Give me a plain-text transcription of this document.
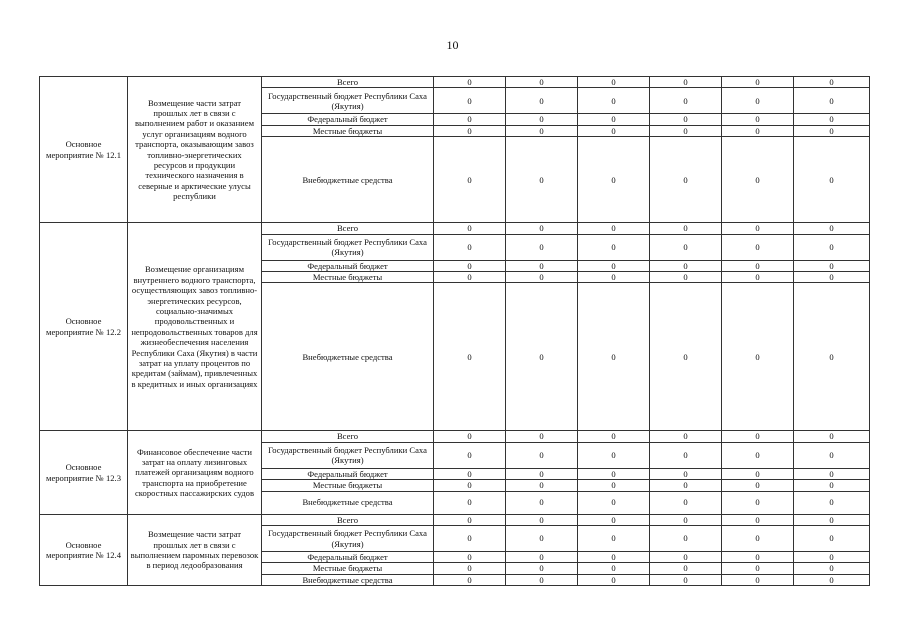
10
Основное мероприятие № 12.1	Возмещение части затрат прошлых лет в связи с выполнением работ и оказанием услуг организациям водного транспорта, оказывающим завоз топливно-энергетических ресурсов и продукции технического назначения в северные и арктические улусы республики	Всего	0	0	0	0	0	0
		Государственный бюджет Республики Саха (Якутия)	0	0	0	0	0	0
		Федеральный бюджет	0	0	0	0	0	0
		Местные бюджеты	0	0	0	0	0	0
		Внебюджетные средства	0	0	0	0	0	0
Основное мероприятие № 12.2	Возмещение организациям внутреннего водного транспорта, осуществляющих завоз топливно-энергетических ресурсов, социально-значимых продовольственных и непродовольственных товаров для жизнеобеспечения населения Республики Саха (Якутия) в части затрат на уплату процентов по кредитам (займам), привлеченных в кредитных и иных организациях	Всего	0	0	0	0	0	0
		Государственный бюджет Республики Саха (Якутия)	0	0	0	0	0	0
		Федеральный бюджет	0	0	0	0	0	0
		Местные бюджеты	0	0	0	0	0	0
		Внебюджетные средства	0	0	0	0	0	0
Основное мероприятие № 12.3	Финансовое обеспечение части затрат на оплату лизинговых платежей организациям водного транспорта на приобретение скоростных пассажирских судов	Всего	0	0	0	0	0	0
		Государственный бюджет Республики Саха (Якутия)	0	0	0	0	0	0
		Федеральный бюджет	0	0	0	0	0	0
		Местные бюджеты	0	0	0	0	0	0
		Внебюджетные средства	0	0	0	0	0	0
Основное мероприятие № 12.4	Возмещение части затрат прошлых лет в связи с выполнением паромных перевозок в период ледообразования	Всего	0	0	0	0	0	0
		Государственный бюджет Республики Саха (Якутия)	0	0	0	0	0	0
		Федеральный бюджет	0	0	0	0	0	0
		Местные бюджеты	0	0	0	0	0	0
		Внебюджетные средства	0	0	0	0	0	0
